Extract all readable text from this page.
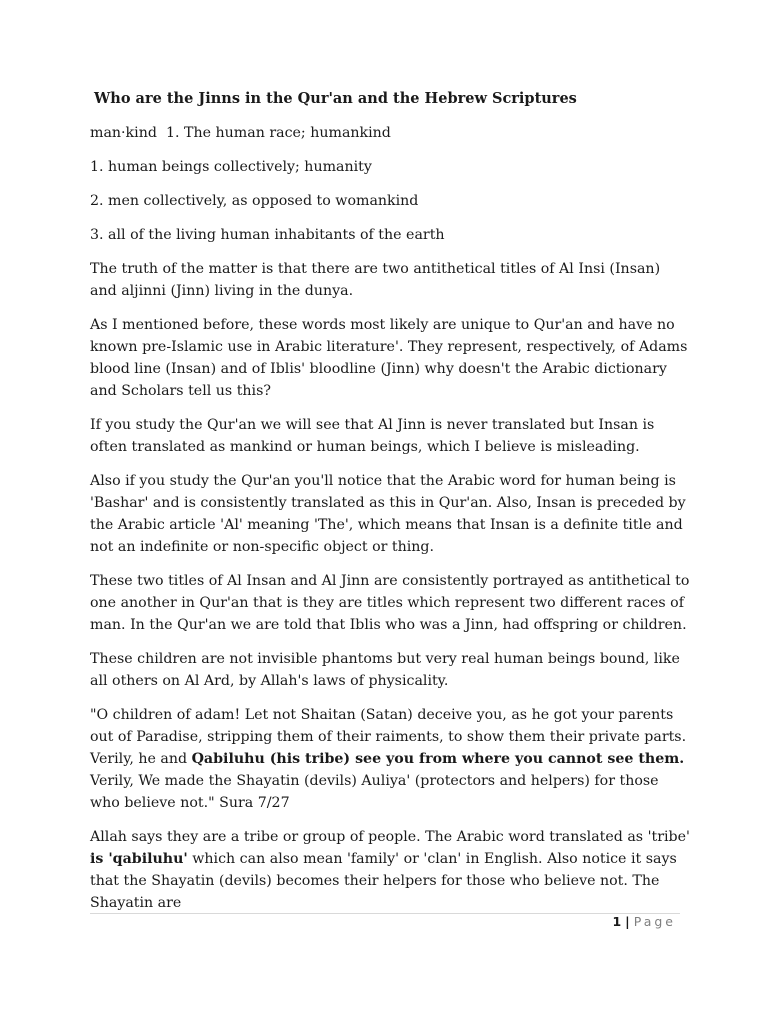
Who are the Jinns in the Qur'an and the Hebrew Scriptures
man·kind 1. The human race; humankind
1. human beings collectively; humanity
2. men collectively, as opposed to womankind
3. all of the living human inhabitants of the earth

The truth of the matter is that there are two antithetical titles of Al Insi (Insan) and aljinni (Jinn) living in the dunya.

As I mentioned before, these words most likely are unique to Qur'an and have no known pre-Islamic use in Arabic literature'. They represent, respectively, of Adams blood line (Insan) and of Iblis' bloodline (Jinn) why doesn't the Arabic dictionary and Scholars tell us this?

If you study the Qur'an we will see that Al Jinn is never translated but Insan is often translated as mankind or human beings, which I believe is misleading.

Also if you study the Qur'an you'll notice that the Arabic word for human being is 'Bashar' and is consistently translated as this in Qur'an. Also, Insan is preceded by the Arabic article 'Al' meaning 'The', which means that Insan is a definite title and not an indefinite or non-specific object or thing.

These two titles of Al Insan and Al Jinn are consistently portrayed as antithetical to one another in Qur'an that is they are titles which represent two different races of man. In the Qur'an we are told that Iblis who was a Jinn, had offspring or children.

These children are not invisible phantoms but very real human beings bound, like all others on Al Ard, by Allah's laws of physicality.

"O children of adam! Let not Shaitan (Satan) deceive you, as he got your parents out of Paradise, stripping them of their raiments, to show them their private parts. Verily, he and Qabiluhu (his tribe) see you from where you cannot see them. Verily, We made the Shayatin (devils) Auliya' (protectors and helpers) for those who believe not." Sura 7/27

Allah says they are a tribe or group of people. The Arabic word translated as 'tribe' is 'qabiluhu' which can also mean 'family' or 'clan' in English. Also notice it says that the Shayatin (devils) becomes their helpers for those who believe not. The Shayatin are

1 | Page
